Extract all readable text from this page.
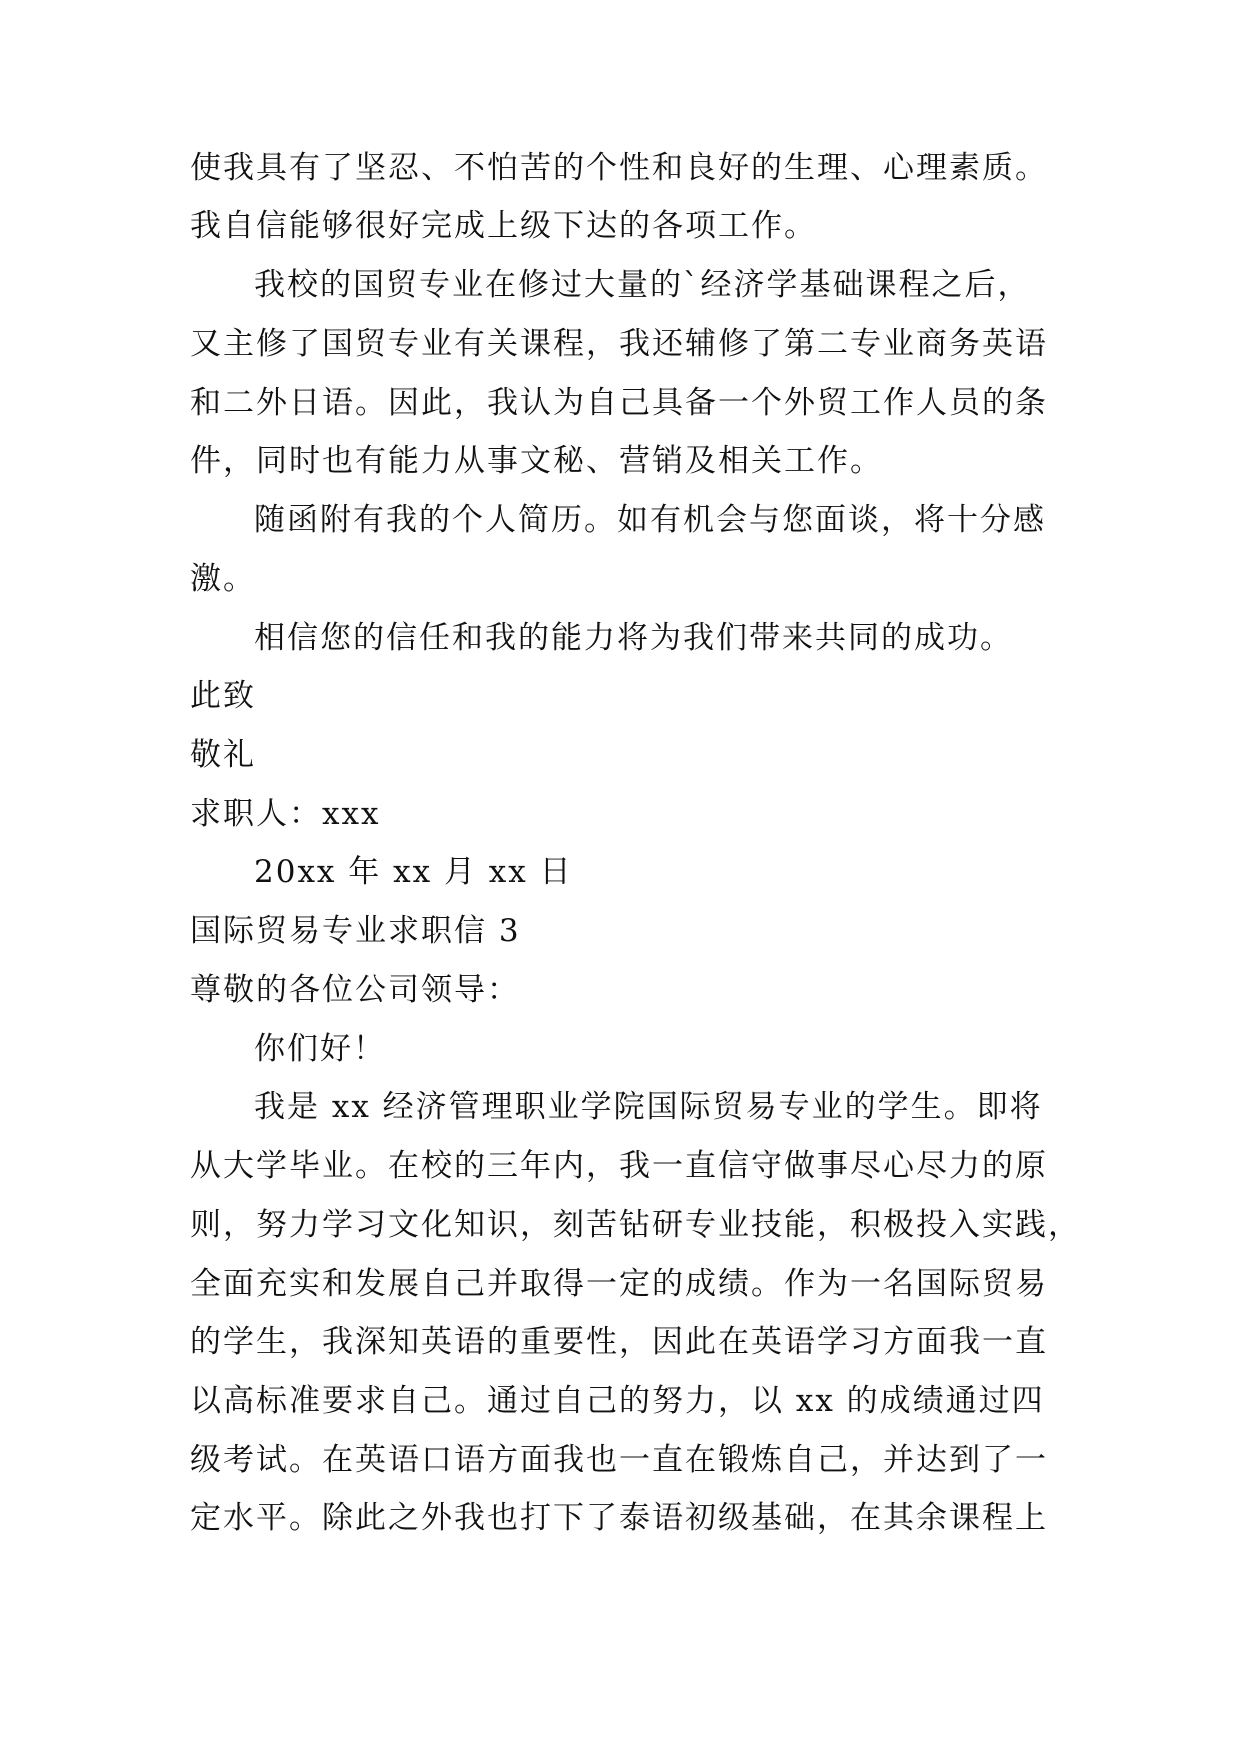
使我具有了坚忍、不怕苦的个性和良好的生理、心理素质。
我自信能够很好完成上级下达的各项工作。
我校的国贸专业在修过大量的`经济学基础课程之后，
又主修了国贸专业有关课程，我还辅修了第二专业商务英语
和二外日语。因此，我认为自己具备一个外贸工作人员的条
件，同时也有能力从事文秘、营销及相关工作。
随函附有我的个人简历。如有机会与您面谈，将十分感
激。
相信您的信任和我的能力将为我们带来共同的成功。
此致
敬礼
求职人：xxx
20xx 年 xx 月 xx 日
国际贸易专业求职信 3
尊敬的各位公司领导：
你们好！
我是 xx 经济管理职业学院国际贸易专业的学生。即将
从大学毕业。在校的三年内，我一直信守做事尽心尽力的原
则，努力学习文化知识，刻苦钻研专业技能，积极投入实践，
全面充实和发展自己并取得一定的成绩。作为一名国际贸易
的学生，我深知英语的重要性，因此在英语学习方面我一直
以高标准要求自己。通过自己的努力，以 xx 的成绩通过四
级考试。在英语口语方面我也一直在锻炼自己，并达到了一
定水平。除此之外我也打下了泰语初级基础，在其余课程上
